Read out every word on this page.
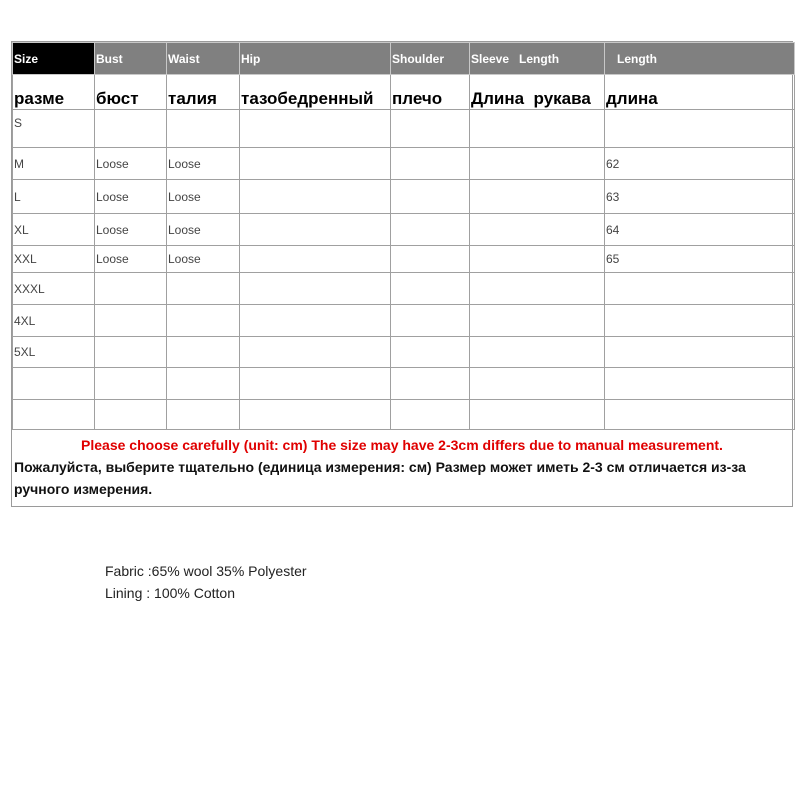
Size	Bust	Waist	Hip	Shoulder	Sleeve   Length	Length
разме	бюст	талия	тазобедренный	плечо	Длина  рукава	длина
S						
M	Loose	Loose				62
L	Loose	Loose				63
XL	Loose	Loose				64
XXL	Loose	Loose				65
XXXL						
4XL						
5XL						

Please choose carefully (unit: cm) The size may have 2-3cm differs due to manual measurement.

Пожалуйста, выберите тщательно (единица измерения: см) Размер может иметь 2-3 см отличается из-за ручного измерения.

Fabric :65% wool 35% Polyester
Lining : 100% Cotton
